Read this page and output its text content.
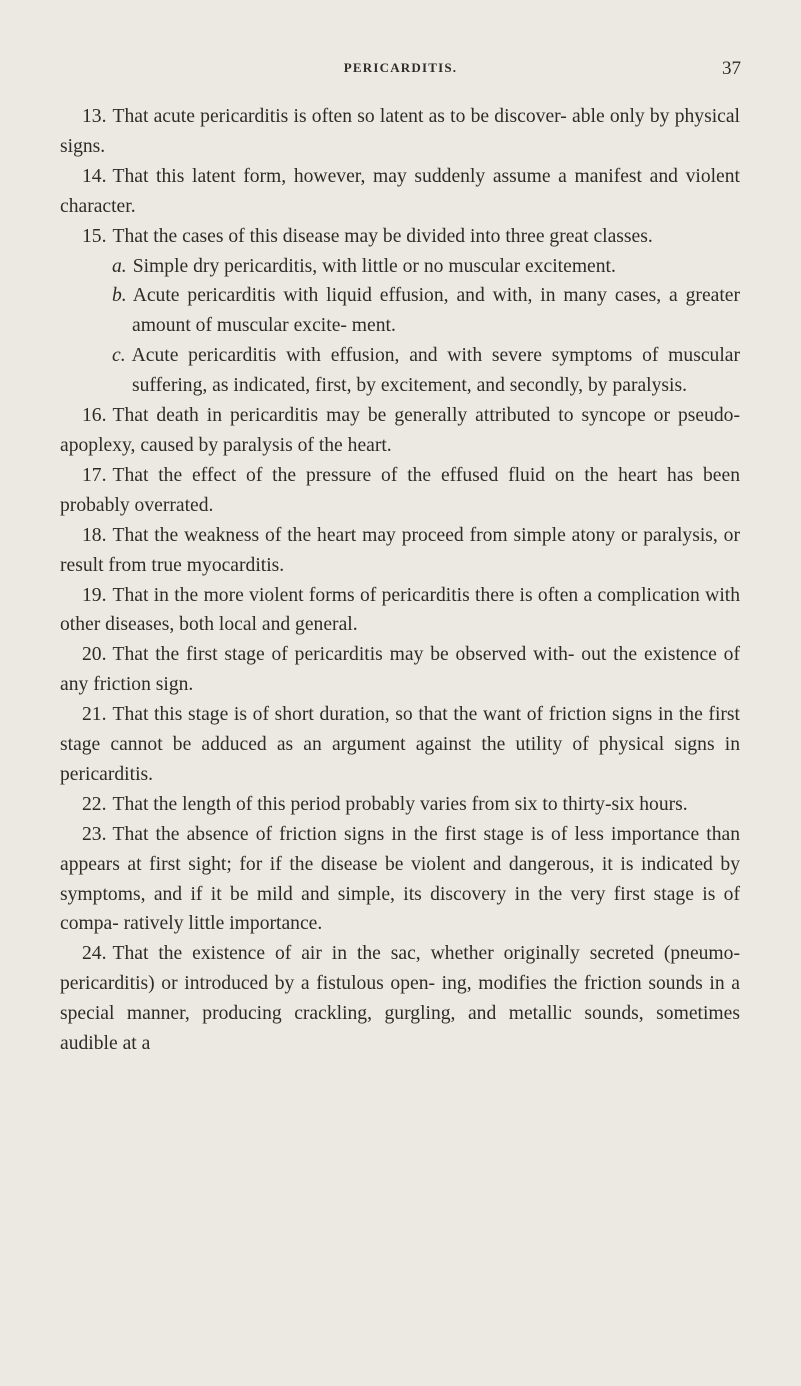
PERICARDITIS.	37

13. That acute pericarditis is often so latent as to be discover- able only by physical signs.

14. That this latent form, however, may suddenly assume a manifest and violent character.

15. That the cases of this disease may be divided into three great classes.

a. Simple dry pericarditis, with little or no muscular excitement.

b. Acute pericarditis with liquid effusion, and with, in many cases, a greater amount of muscular excite- ment.

c. Acute pericarditis with effusion, and with severe symptoms of muscular suffering, as indicated, first, by excitement, and secondly, by paralysis.

16. That death in pericarditis may be generally attributed to syncope or pseudo-apoplexy, caused by paralysis of the heart.

17. That the effect of the pressure of the effused fluid on the heart has been probably overrated.

18. That the weakness of the heart may proceed from simple atony or paralysis, or result from true myocarditis.

19. That in the more violent forms of pericarditis there is often a complication with other diseases, both local and general.

20. That the first stage of pericarditis may be observed with- out the existence of any friction sign.

21. That this stage is of short duration, so that the want of friction signs in the first stage cannot be adduced as an argument against the utility of physical signs in pericarditis.

22. That the length of this period probably varies from six to thirty-six hours.

23. That the absence of friction signs in the first stage is of less importance than appears at first sight; for if the disease be violent and dangerous, it is indicated by symptoms, and if it be mild and simple, its discovery in the very first stage is of compa- ratively little importance.

24. That the existence of air in the sac, whether originally secreted (pneumo-pericarditis) or introduced by a fistulous open- ing, modifies the friction sounds in a special manner, producing crackling, gurgling, and metallic sounds, sometimes audible at a
